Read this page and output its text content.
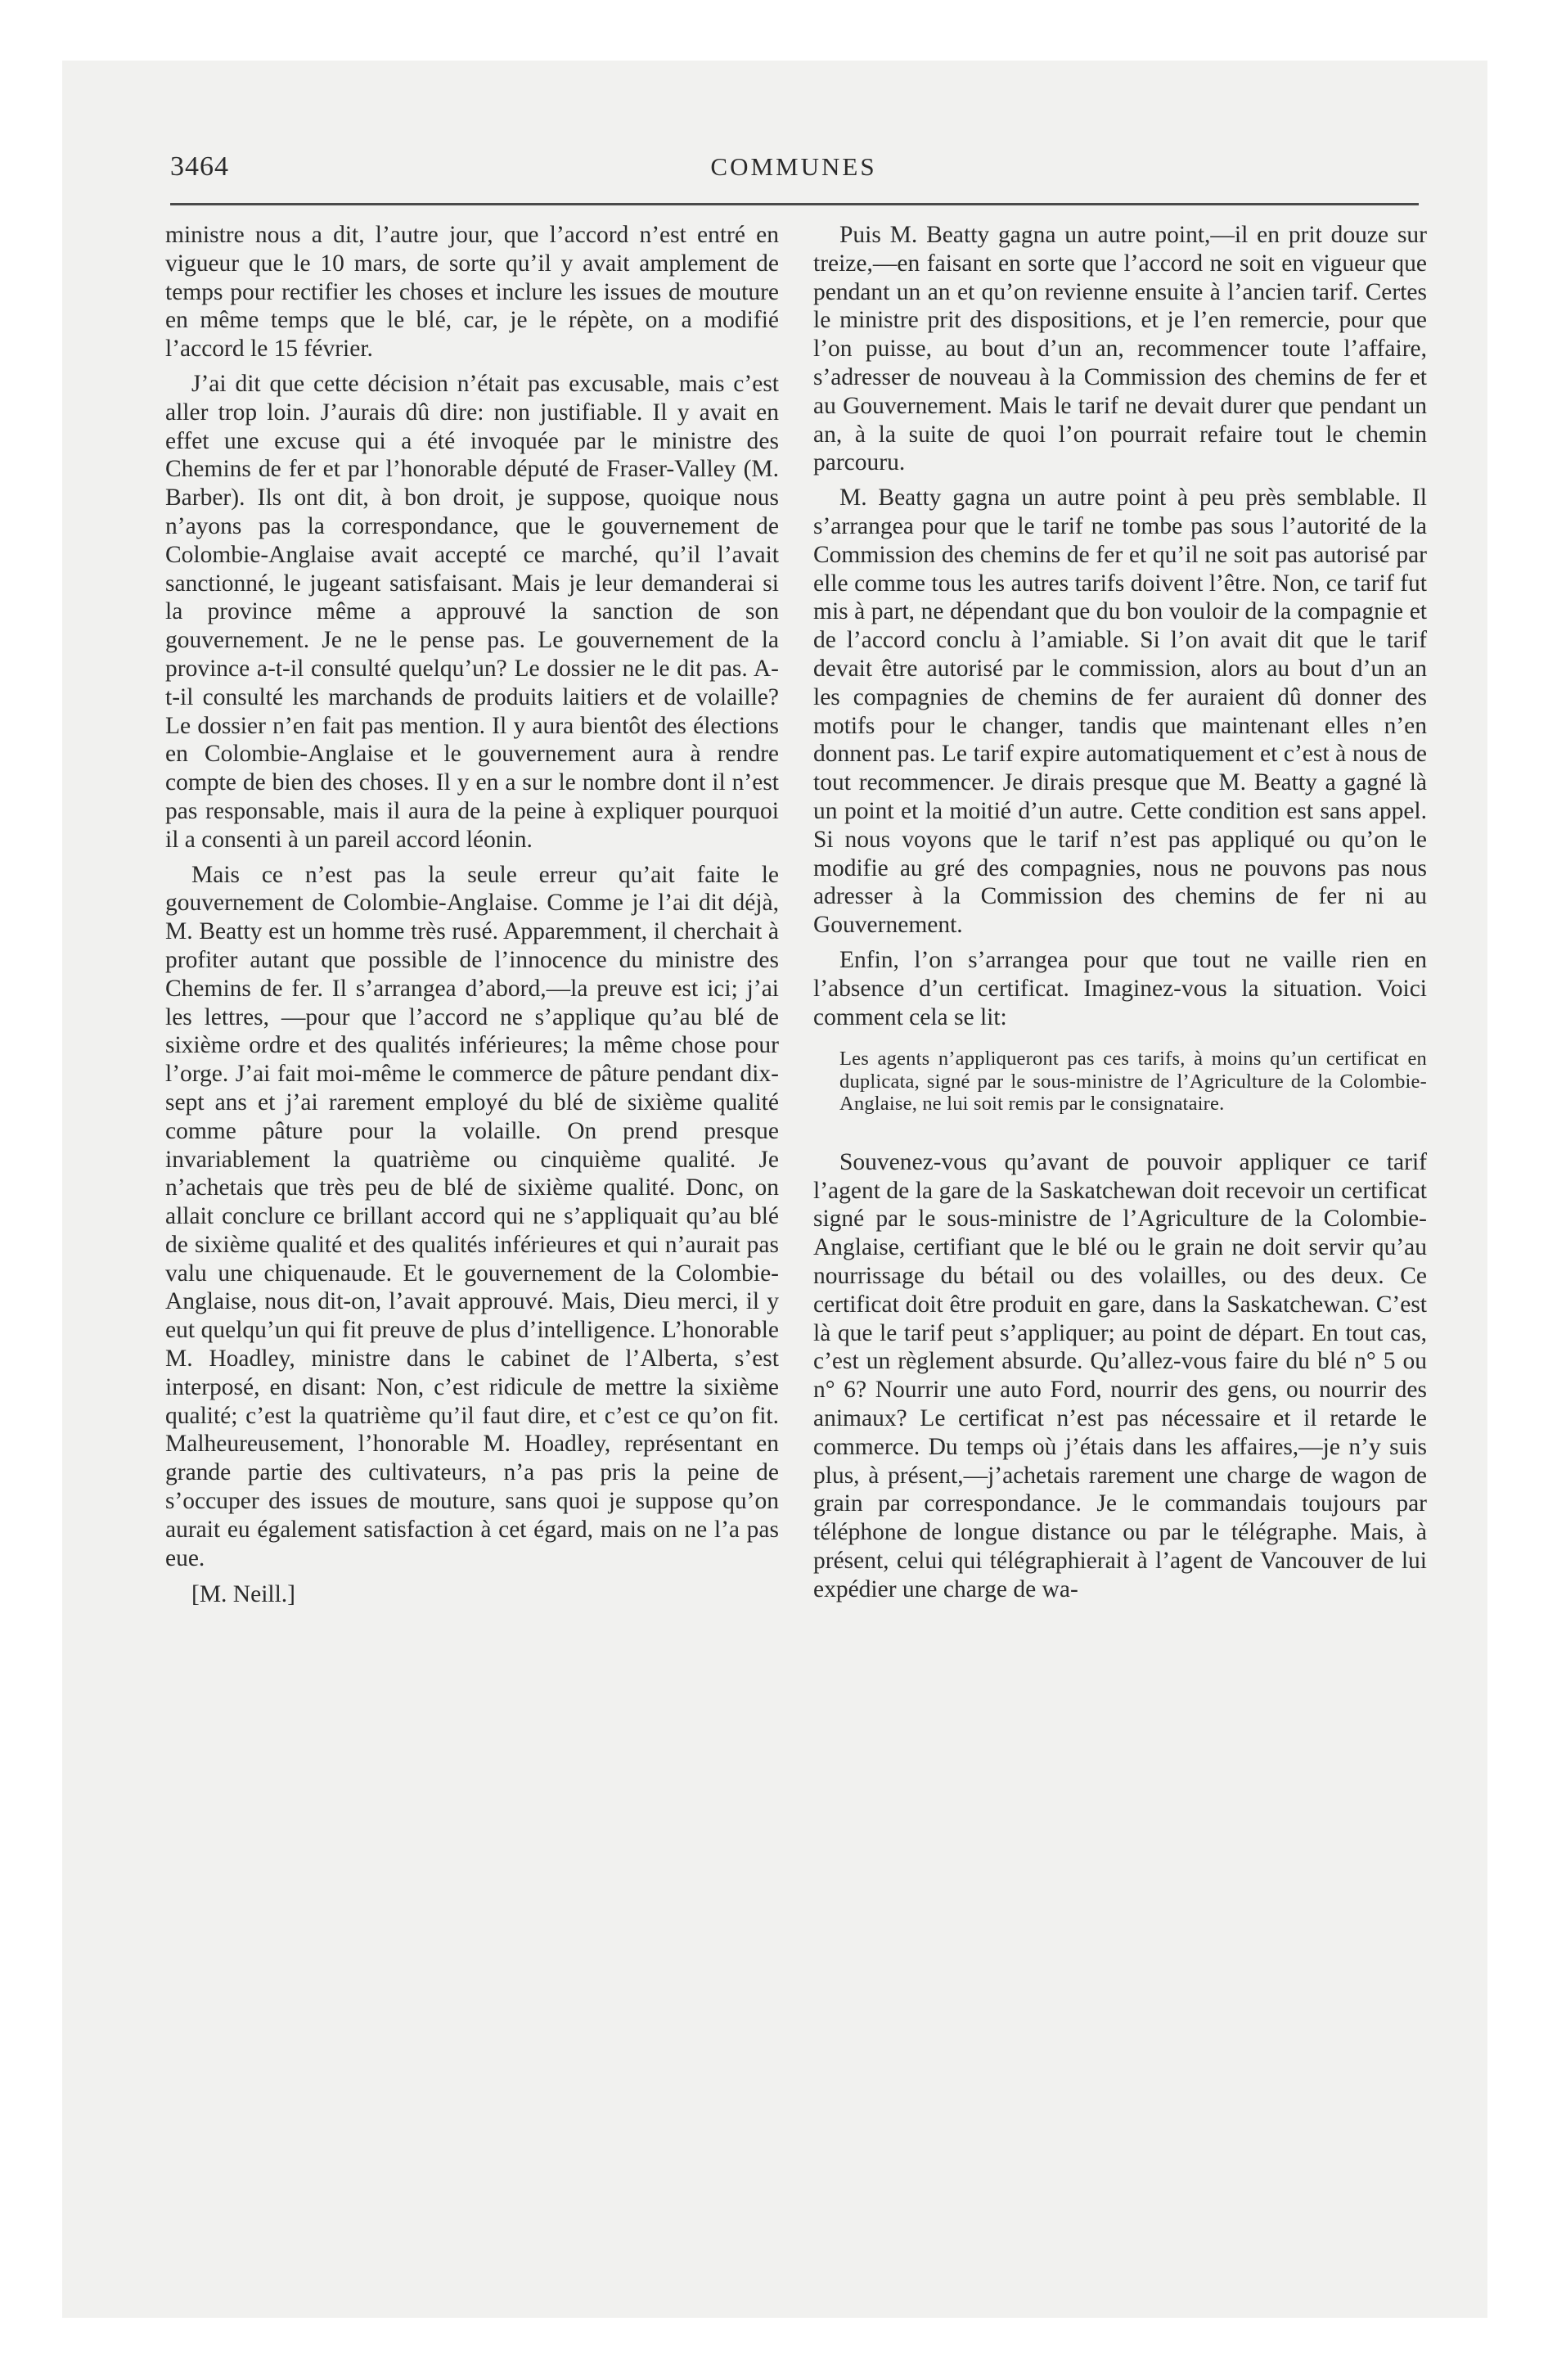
3464	COMMUNES

ministre nous a dit, l’autre jour, que l’accord n’est entré en vigueur que le 10 mars, de sorte qu’il y avait amplement de temps pour rectifier les choses et inclure les issues de mouture en même temps que le blé, car, je le répète, on a modifié l’accord le 15 février.

J’ai dit que cette décision n’était pas excusable, mais c’est aller trop loin. J’aurais dû dire: non justifiable. Il y avait en effet une excuse qui a été invoquée par le ministre des Chemins de fer et par l’honorable député de Fraser-Valley (M. Barber). Ils ont dit, à bon droit, je suppose, quoique nous n’ayons pas la correspondance, que le gouvernement de Colombie-Anglaise avait accepté ce marché, qu’il l’avait sanctionné, le jugeant satisfaisant. Mais je leur demanderai si la province même a approuvé la sanction de son gouvernement. Je ne le pense pas. Le gouvernement de la province a-t-il consulté quelqu’un? Le dossier ne le dit pas. A-t-il consulté les marchands de produits laitiers et de volaille? Le dossier n’en fait pas mention. Il y aura bientôt des élections en Colombie-Anglaise et le gouvernement aura à rendre compte de bien des choses. Il y en a sur le nombre dont il n’est pas responsable, mais il aura de la peine à expliquer pourquoi il a consenti à un pareil accord léonin.

Mais ce n’est pas la seule erreur qu’ait faite le gouvernement de Colombie-Anglaise. Comme je l’ai dit déjà, M. Beatty est un homme très rusé. Apparemment, il cherchait à profiter autant que possible de l’innocence du ministre des Chemins de fer. Il s’arrangea d’abord,—la preuve est ici; j’ai les lettres, —pour que l’accord ne s’applique qu’au blé de sixième ordre et des qualités inférieures; la même chose pour l’orge. J’ai fait moi-même le commerce de pâture pendant dix-sept ans et j’ai rarement employé du blé de sixième qualité comme pâture pour la volaille. On prend presque invariablement la quatrième ou cinquième qualité. Je n’achetais que très peu de blé de sixième qualité. Donc, on allait conclure ce brillant accord qui ne s’appliquait qu’au blé de sixième qualité et des qualités inférieures et qui n’aurait pas valu une chiquenaude. Et le gouvernement de la Colombie-Anglaise, nous dit-on, l’avait approuvé. Mais, Dieu merci, il y eut quelqu’un qui fit preuve de plus d’intelligence. L’honorable M. Hoadley, ministre dans le cabinet de l’Alberta, s’est interposé, en disant: Non, c’est ridicule de mettre la sixième qualité; c’est la quatrième qu’il faut dire, et c’est ce qu’on fit. Malheureusement, l’honorable M. Hoadley, représentant en grande partie des cultivateurs, n’a pas pris la peine de s’occuper des issues de mouture, sans quoi je suppose qu’on aurait eu également satisfaction à cet égard, mais on ne l’a pas eue.

[M. Neill.]

Puis M. Beatty gagna un autre point,—il en prit douze sur treize,—en faisant en sorte que l’accord ne soit en vigueur que pendant un an et qu’on revienne ensuite à l’ancien tarif. Certes le ministre prit des dispositions, et je l’en remercie, pour que l’on puisse, au bout d’un an, recommencer toute l’affaire, s’adresser de nouveau à la Commission des chemins de fer et au Gouvernement. Mais le tarif ne devait durer que pendant un an, à la suite de quoi l’on pourrait refaire tout le chemin parcouru.

M. Beatty gagna un autre point à peu près semblable. Il s’arrangea pour que le tarif ne tombe pas sous l’autorité de la Commission des chemins de fer et qu’il ne soit pas autorisé par elle comme tous les autres tarifs doivent l’être. Non, ce tarif fut mis à part, ne dépendant que du bon vouloir de la compagnie et de l’accord conclu à l’amiable. Si l’on avait dit que le tarif devait être autorisé par le commission, alors au bout d’un an les compagnies de chemins de fer auraient dû donner des motifs pour le changer, tandis que maintenant elles n’en donnent pas. Le tarif expire automatiquement et c’est à nous de tout recommencer. Je dirais presque que M. Beatty a gagné là un point et la moitié d’un autre. Cette condition est sans appel. Si nous voyons que le tarif n’est pas appliqué ou qu’on le modifie au gré des compagnies, nous ne pouvons pas nous adresser à la Commission des chemins de fer ni au Gouvernement.

Enfin, l’on s’arrangea pour que tout ne vaille rien en l’absence d’un certificat. Imaginez-vous la situation. Voici comment cela se lit:

Les agents n’appliqueront pas ces tarifs, à moins qu’un certificat en duplicata, signé par le sous-ministre de l’Agriculture de la Colombie-Anglaise, ne lui soit remis par le consignataire.

Souvenez-vous qu’avant de pouvoir appliquer ce tarif l’agent de la gare de la Saskatchewan doit recevoir un certificat signé par le sous-ministre de l’Agriculture de la Colombie-Anglaise, certifiant que le blé ou le grain ne doit servir qu’au nourrissage du bétail ou des volailles, ou des deux. Ce certificat doit être produit en gare, dans la Saskatchewan. C’est là que le tarif peut s’appliquer; au point de départ. En tout cas, c’est un règlement absurde. Qu’allez-vous faire du blé n° 5 ou n° 6? Nourrir une auto Ford, nourrir des gens, ou nourrir des animaux? Le certificat n’est pas nécessaire et il retarde le commerce. Du temps où j’étais dans les affaires,—je n’y suis plus, à présent,—j’achetais rarement une charge de wagon de grain par correspondance. Je le commandais toujours par téléphone de longue distance ou par le télégraphe. Mais, à présent, celui qui télégraphierait à l’agent de Vancouver de lui expédier une charge de wa-
